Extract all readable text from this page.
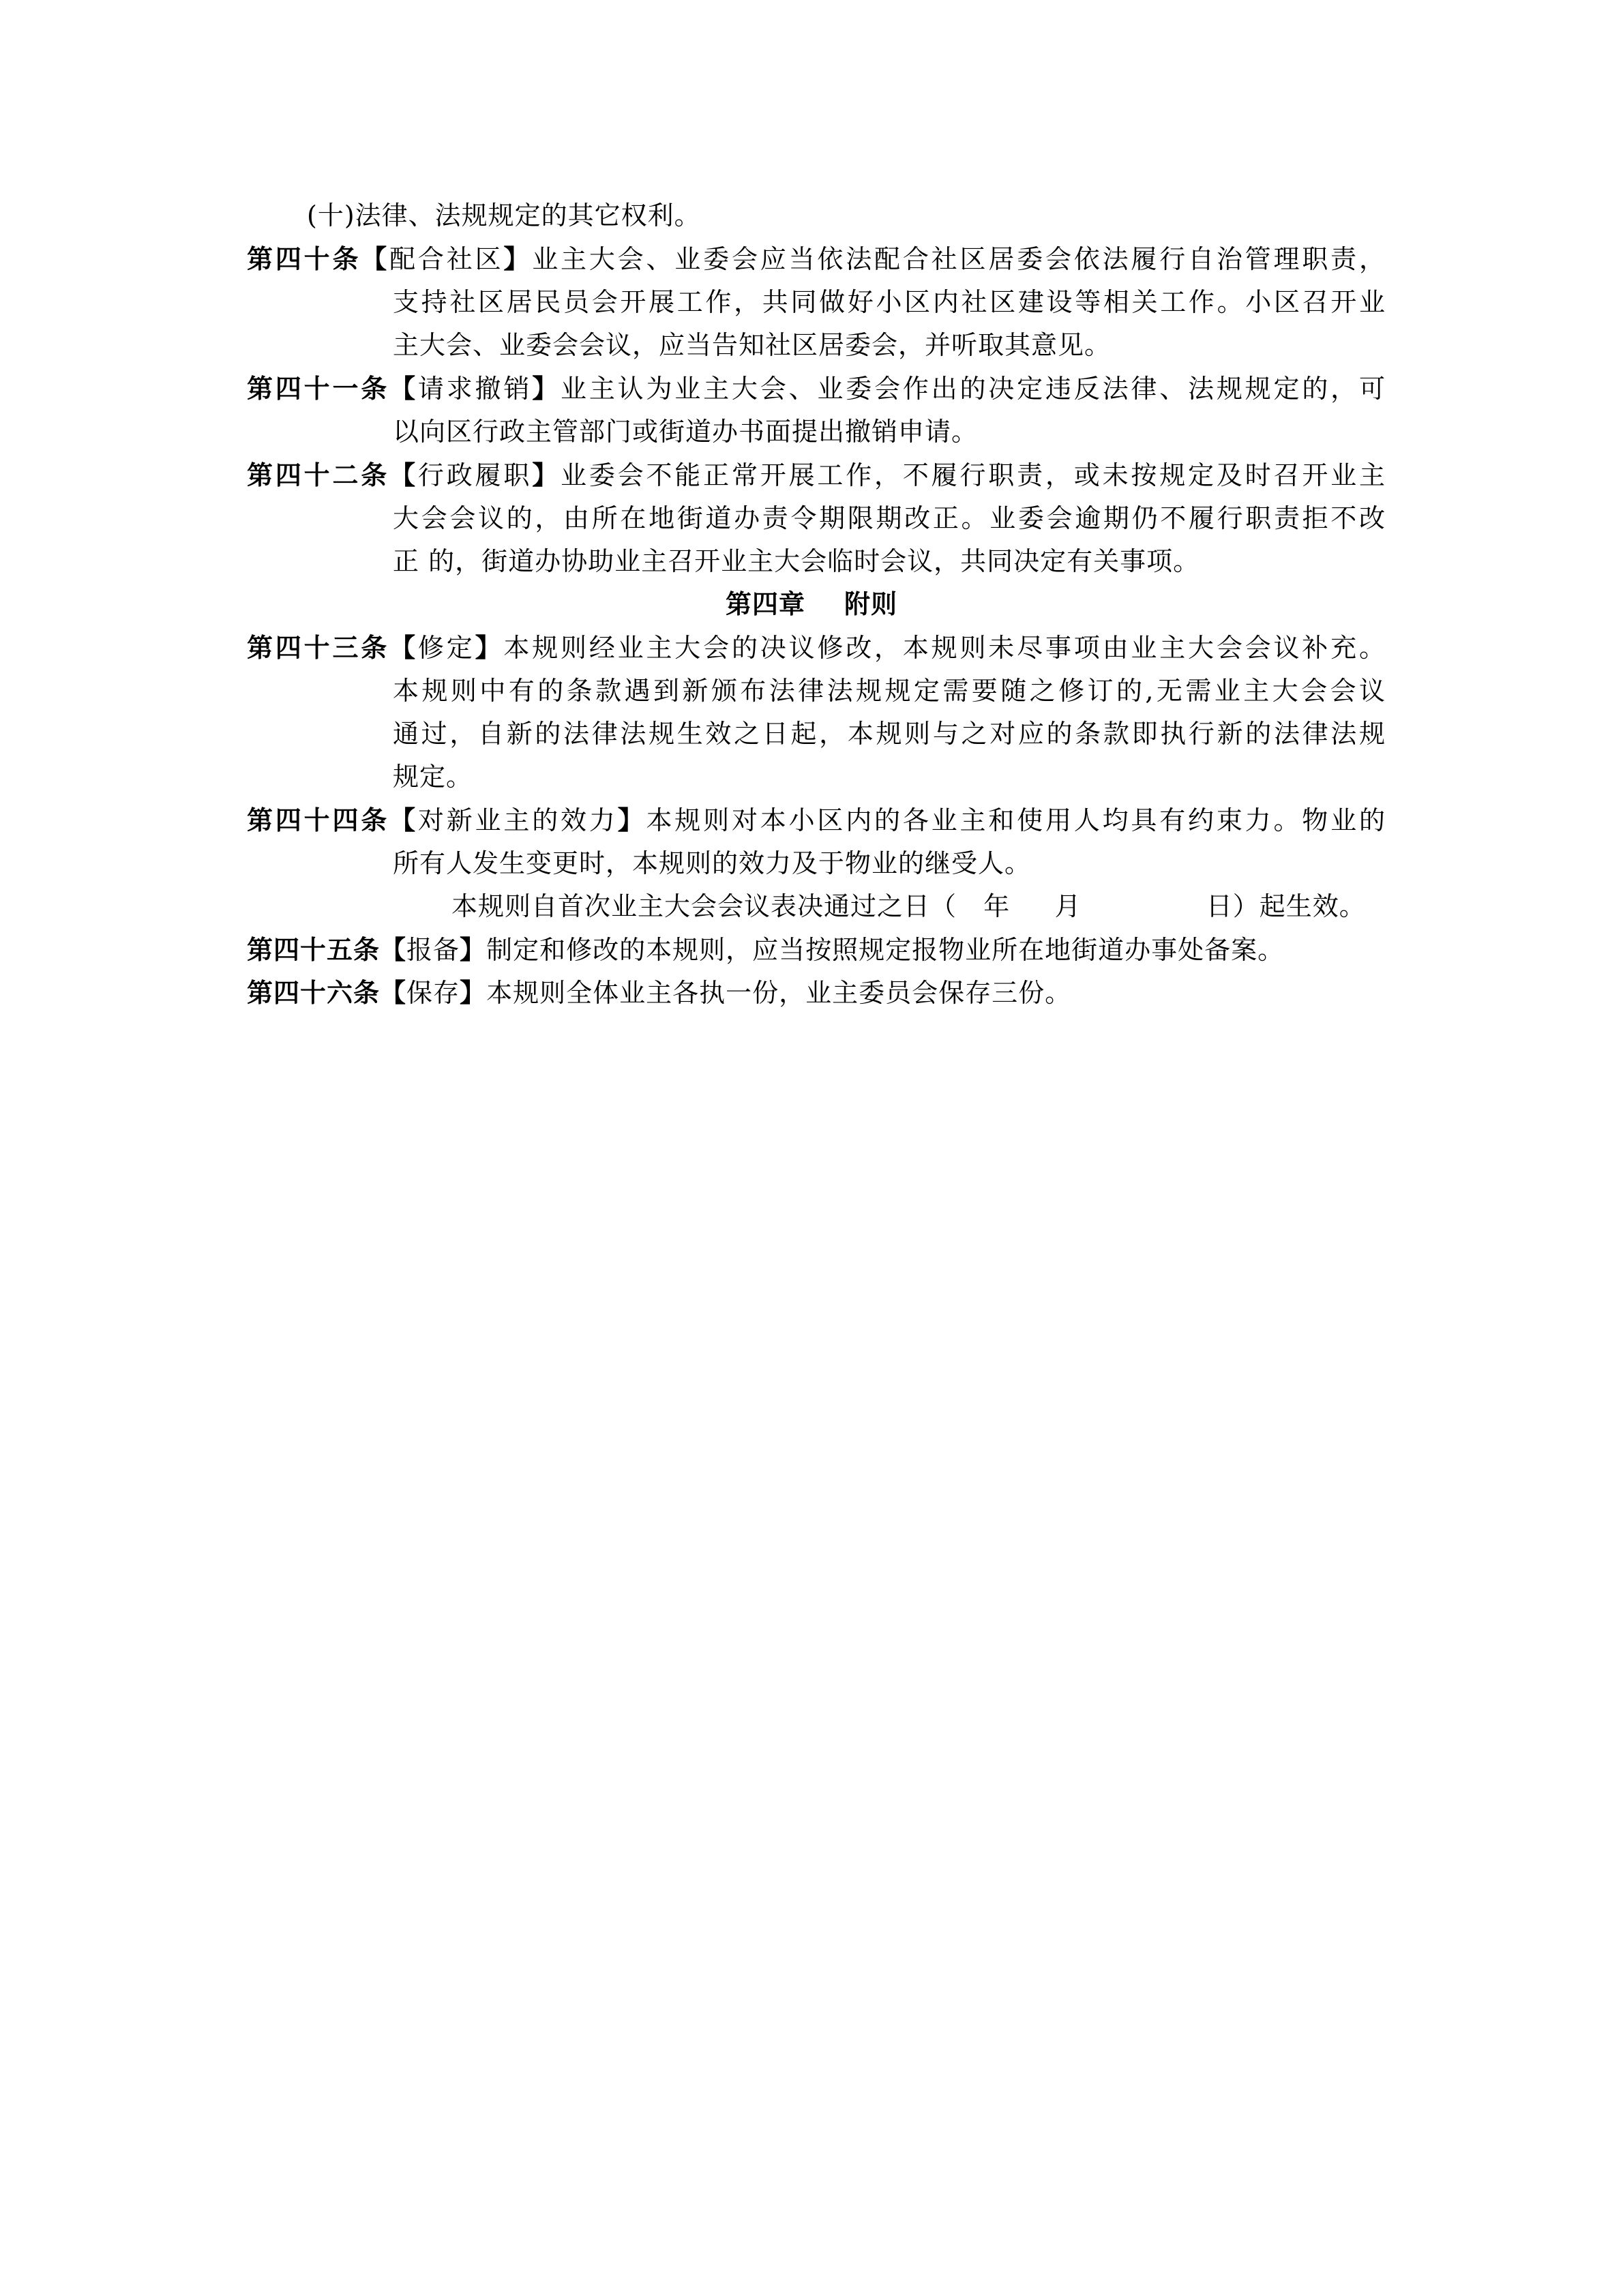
(十)法律、法规规定的其它权利。
第四十条【配合社区】业主大会、业委会应当依法配合社区居委会依法履行自治管理职责，
支持社区居民员会开展工作，共同做好小区内社区建设等相关工作。小区召开业
主大会、业委会会议，应当告知社区居委会，并听取其意见。
第四十一条【请求撤销】业主认为业主大会、业委会作出的决定违反法律、法规规定的，可
以向区行政主管部门或街道办书面提出撤销申请。
第四十二条【行政履职】业委会不能正常开展工作，不履行职责，或未按规定及时召开业主
大会会议的，由所在地街道办责令期限期改正。业委会逾期仍不履行职责拒不改
正 的，街道办协助业主召开业主大会临时会议，共同决定有关事项。
第四章    附则
第四十三条【修定】本规则经业主大会的决议修改，本规则未尽事项由业主大会会议补充。
本规则中有的条款遇到新颁布法律法规规定需要随之修订的,无需业主大会会议
通过，自新的法律法规生效之日起，本规则与之对应的条款即执行新的法律法规
规定。
第四十四条【对新业主的效力】本规则对本小区内的各业主和使用人均具有约束力。物业的
所有人发生变更时，本规则的效力及于物业的继受人。
本规则自首次业主大会会议表决通过之日（   年     月              日）起生效。
第四十五条【报备】制定和修改的本规则，应当按照规定报物业所在地街道办事处备案。
第四十六条【保存】本规则全体业主各执一份，业主委员会保存三份。
